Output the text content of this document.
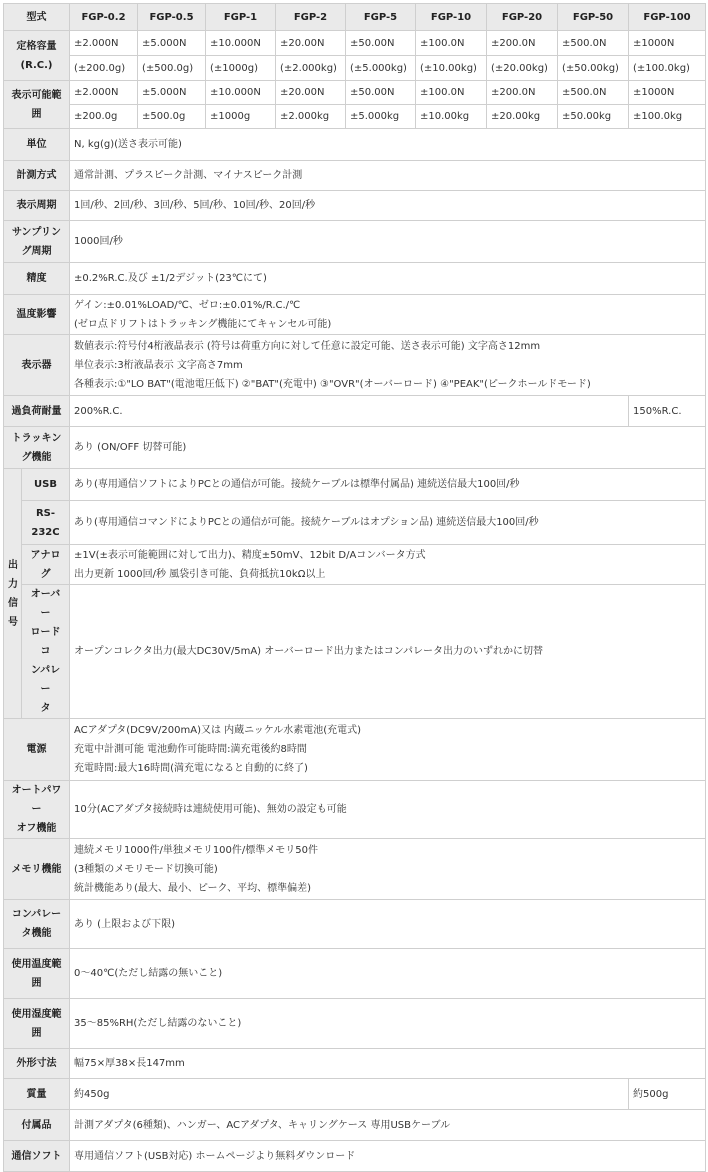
型式		FGP-0.2	FGP-0.5	FGP-1	FGP-2	FGP-5	FGP-10	FGP-20	FGP-50	FGP-100
定格容量
(R.C.)		±2.000N	±5.000N	±10.000N	±20.00N	±50.00N	±100.0N	±200.0N	±500.0N	±1000N
		(±200.0g)	(±500.0g)	(±1000g)	(±2.000kg)	(±5.000kg)	(±10.00kg)	(±20.00kg)	(±50.00kg)	(±100.0kg)
表示可能範
囲		±2.000N	±5.000N	±10.000N	±20.00N	±50.00N	±100.0N	±200.0N	±500.0N	±1000N
		±200.0g	±500.0g	±1000g	±2.000kg	±5.000kg	±10.00kg	±20.00kg	±50.00kg	±100.0kg
単位		N, kg(g)(送さ表示可能)								
計測方式		通常計測、プラスピーク計測、マイナスピーク計測								
表示周期		1回/秒、2回/秒、3回/秒、5回/秒、10回/秒、20回/秒								
サンプリン
グ周期		1000回/秒								
精度		±0.2%R.C.及び ±1/2デジット(23℃にて)								
温度影響		ゲイン:±0.01%LOAD/℃、ゼロ:±0.01%/R.C./℃
(ゼロ点ドリフトはトラッキング機能にてキャンセル可能)								

表示器		数値表示:符号付4桁液晶表示 (符号は荷重方向に対して任意に設定可能、送さ表示可能) 文字高さ12mm
単位表示:3桁液晶表示 文字高さ7mm
各種表示:①"LO BAT"(電池電圧低下) ②"BAT"(充電中) ③"OVR"(オーバーロード) ④"PEAK"(ピークホールドモード)								

過負荷耐量		200%R.C.								150%R.C.
トラッキン
グ機能		あり (ON/OFF 切替可能)								
出
力
信
号	USB	あり(専用通信ソフトによりPCとの通信が可能。接続ケーブルは標準付属品) 連続送信最大100回/秒								
	RS-
232C	あり(専用通信コマンドによりPCとの通信が可能。接続ケーブルはオプション品) 連続送信最大100回/秒								
	アナログ	±1V(±表示可能範囲に対して出力)、精度±50mV、12bit D/Aコンバータ方式
出力更新 1000回/秒 風袋引き可能、負荷抵抗10kΩ以上								

	オーバー
ロードコ
ンパレー
タ	オープンコレクタ出力(最大DC30V/5mA) オーバーロード出力またはコンパレータ出力のいずれかに切替								
電源		ACアダプタ(DC9V/200mA)又は 内蔵ニッケル水素電池(充電式)
充電中計測可能 電池動作可能時間:満充電後約8時間
充電時間:最大16時間(満充電になると自動的に終了)								

オートパワー
オフ機能		10分(ACアダプタ接続時は連続使用可能)、無効の設定も可能								
メモリ機能		連続メモリ1000件/単独メモリ100件/標準メモリ50件
(3種類のメモリモード切換可能)
統計機能あり(最大、最小、ピーク、平均、標準偏差)								

コンパレー
タ機能		あり (上限および下限)								
使用温度範
囲		0〜40℃(ただし結露の無いこと)								
使用湿度範
囲		35〜85%RH(ただし結露のないこと)								
外形寸法		幅75×厚38×長147mm								
質量		約450g								約500g
付属品		計測アダプタ(6種類)、ハンガー、ACアダプタ、キャリングケース 専用USBケーブル								
通信ソフト		専用通信ソフト(USB対応) ホームページより無料ダウンロード								
